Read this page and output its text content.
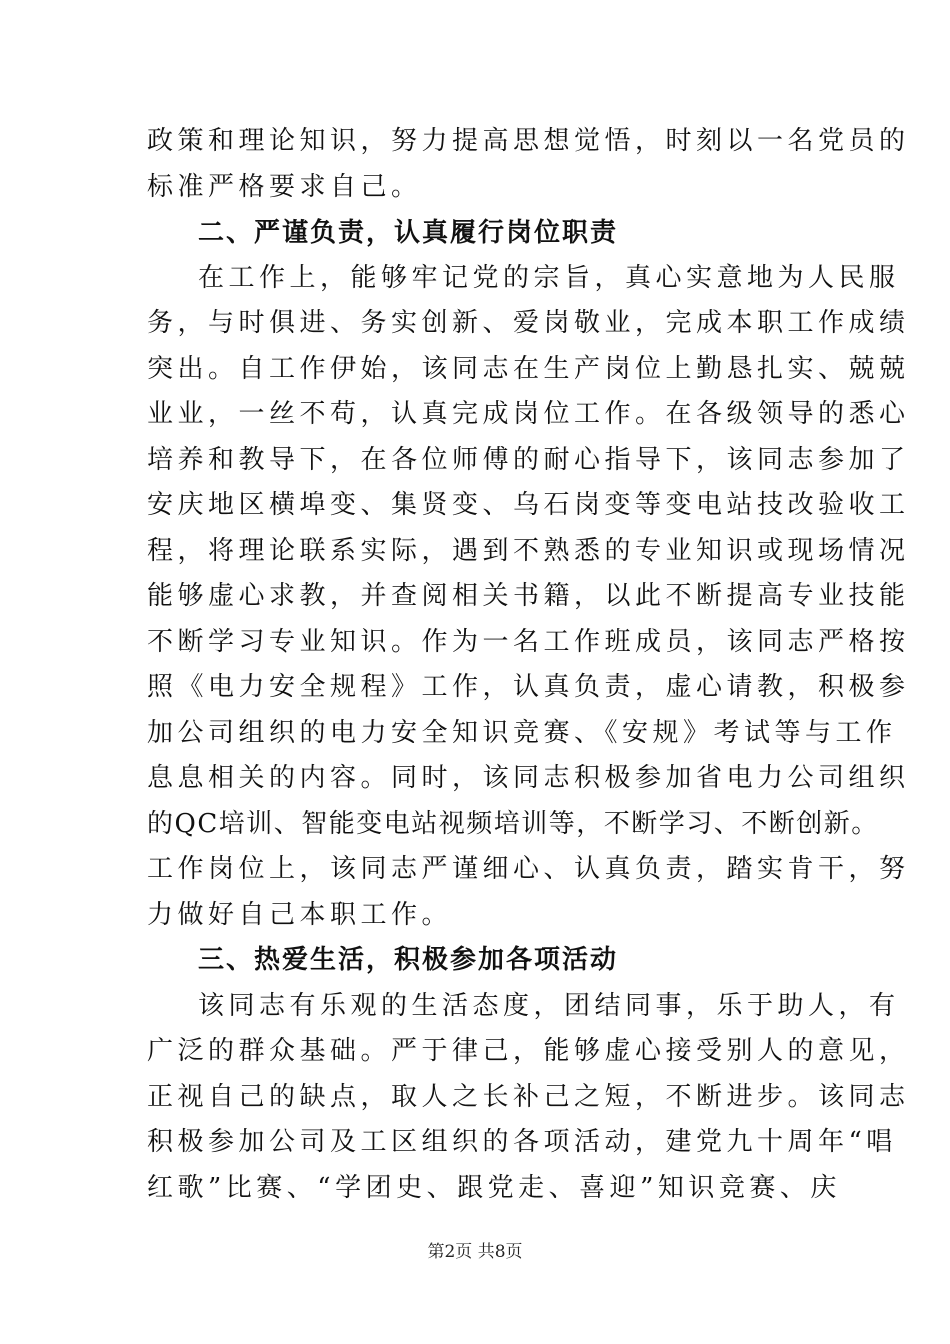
政策和理论知识，努力提高思想觉悟，时刻以一名党员的
标准严格要求自己。
二、严谨负责，认真履行岗位职责
在工作上，能够牢记党的宗旨，真心实意地为人民服
务，与时俱进、务实创新、爱岗敬业，完成本职工作成绩
突出。自工作伊始，该同志在生产岗位上勤恳扎实、兢兢
业业，一丝不苟，认真完成岗位工作。在各级领导的悉心
培养和教导下，在各位师傅的耐心指导下，该同志参加了
安庆地区横埠变、集贤变、乌石岗变等变电站技改验收工
程，将理论联系实际，遇到不熟悉的专业知识或现场情况
能够虚心求教，并查阅相关书籍，以此不断提高专业技能
不断学习专业知识。作为一名工作班成员，该同志严格按
照《电力安全规程》工作，认真负责，虚心请教，积极参
加公司组织的电力安全知识竞赛、《安规》考试等与工作
息息相关的内容。同时，该同志积极参加省电力公司组织
的QC培训、智能变电站视频培训等，不断学习、不断创新。
工作岗位上，该同志严谨细心、认真负责，踏实肯干，努
力做好自己本职工作。
三、热爱生活，积极参加各项活动
该同志有乐观的生活态度，团结同事，乐于助人，有
广泛的群众基础。严于律己，能够虚心接受别人的意见，
正视自己的缺点，取人之长补己之短，不断进步。该同志
积极参加公司及工区组织的各项活动，建党九十周年“唱
红歌”比赛、“学团史、跟党走、喜迎”知识竞赛、庆
第2页 共8页
